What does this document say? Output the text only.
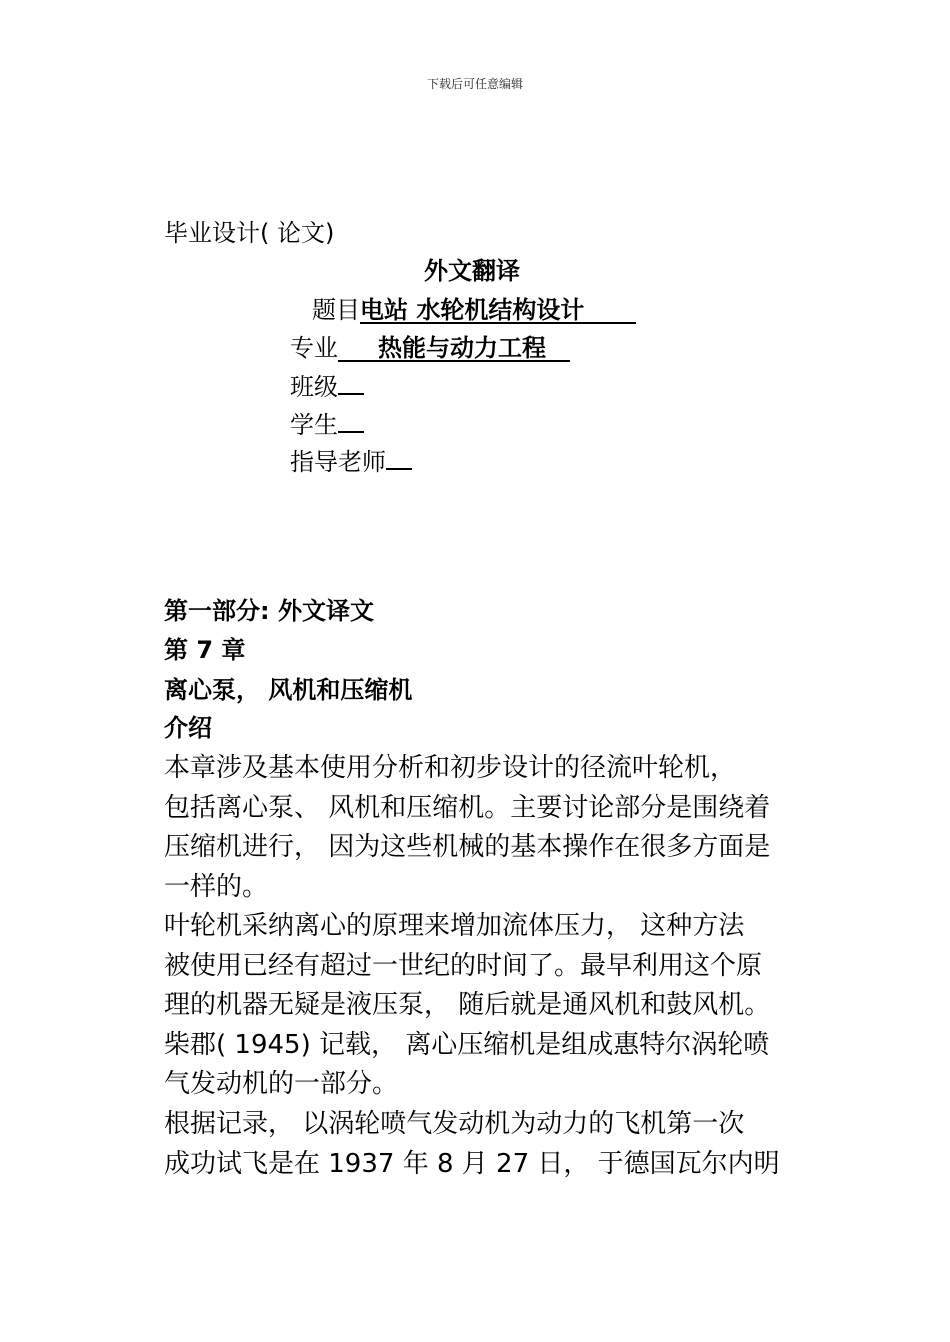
下载后可任意编辑
毕业设计( 论文)
外文翻译
题目电站 水轮机结构设计
专业 热能与动力工程
班级
学生
指导老师
第一部分: 外文译文
第 7 章
离心泵， 风机和压缩机
介绍

本章涉及基本使用分析和初步设计的径流叶轮机，

包括离心泵、 风机和压缩机。主要讨论部分是围绕着

压缩机进行， 因为这些机械的基本操作在很多方面是

一样的。

叶轮机采纳离心的原理来增加流体压力， 这种方法

被使用已经有超过一世纪的时间了。最早利用这个原

理的机器无疑是液压泵， 随后就是通风机和鼓风机。

柴郡( 1945) 记载， 离心压缩机是组成惠特尔涡轮喷

气发动机的一部分。

根据记录， 以涡轮喷气发动机为动力的飞机第一次

成功试飞是在 1937 年 8 月 27 日， 于德国瓦尔内明
